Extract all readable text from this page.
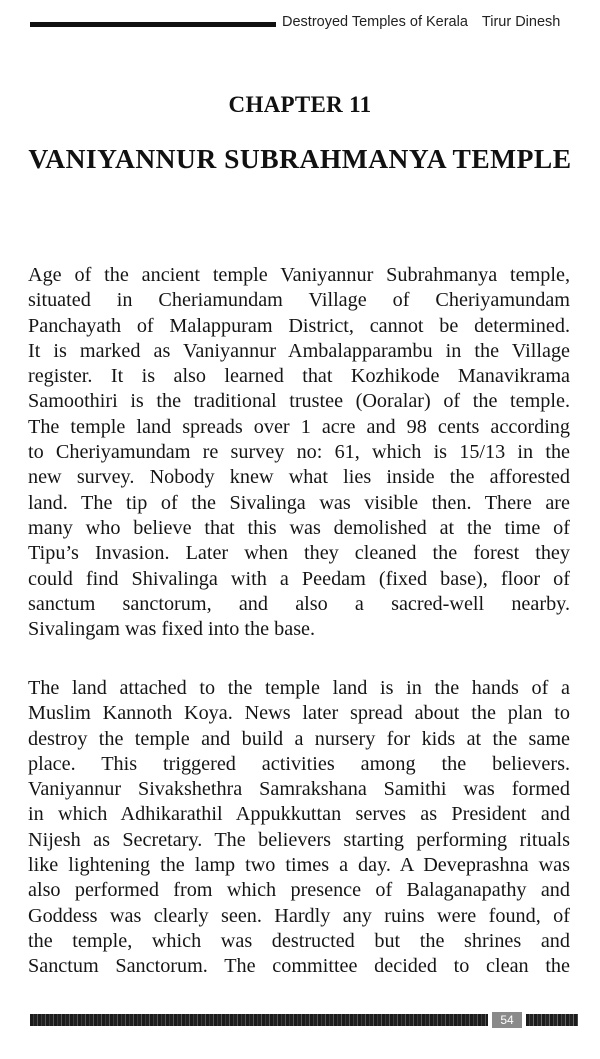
Destroyed Temples of Kerala Tirur Dinesh
CHAPTER 11
VANIYANNUR SUBRAHMANYA TEMPLE
Age of the ancient temple Vaniyannur Subrahmanya temple,
situated in Cheriamundam Village of Cheriyamundam
Panchayath of Malappuram District, cannot be determined.
It is marked as Vaniyannur Ambalapparambu in the Village
register. It is also learned that Kozhikode Manavikrama
Samoothiri is the traditional trustee (Ooralar) of the temple.
The temple land spreads over 1 acre and 98 cents according
to Cheriyamundam re survey no: 61, which is 15/13 in the
new survey. Nobody knew what lies inside the afforested
land. The tip of the Sivalinga was visible then. There are
many who believe that this was demolished at the time of
Tipu’s Invasion. Later when they cleaned the forest they
could find Shivalinga with a Peedam (fixed base), floor of
sanctum sanctorum, and also a sacred-well nearby.
Sivalingam was fixed into the base.
The land attached to the temple land is in the hands of a
Muslim Kannoth Koya. News later spread about the plan to
destroy the temple and build a nursery for kids at the same
place. This triggered activities among the believers.
Vaniyannur Sivakshethra Samrakshana Samithi was formed
in which Adhikarathil Appukkuttan serves as President and
Nijesh as Secretary. The believers starting performing rituals
like lightening the lamp two times a day. A Deveprashna was
also performed from which presence of Balaganapathy and
Goddess was clearly seen. Hardly any ruins were found, of
the temple, which was destructed but the shrines and
Sanctum Sanctorum. The committee decided to clean the
54
